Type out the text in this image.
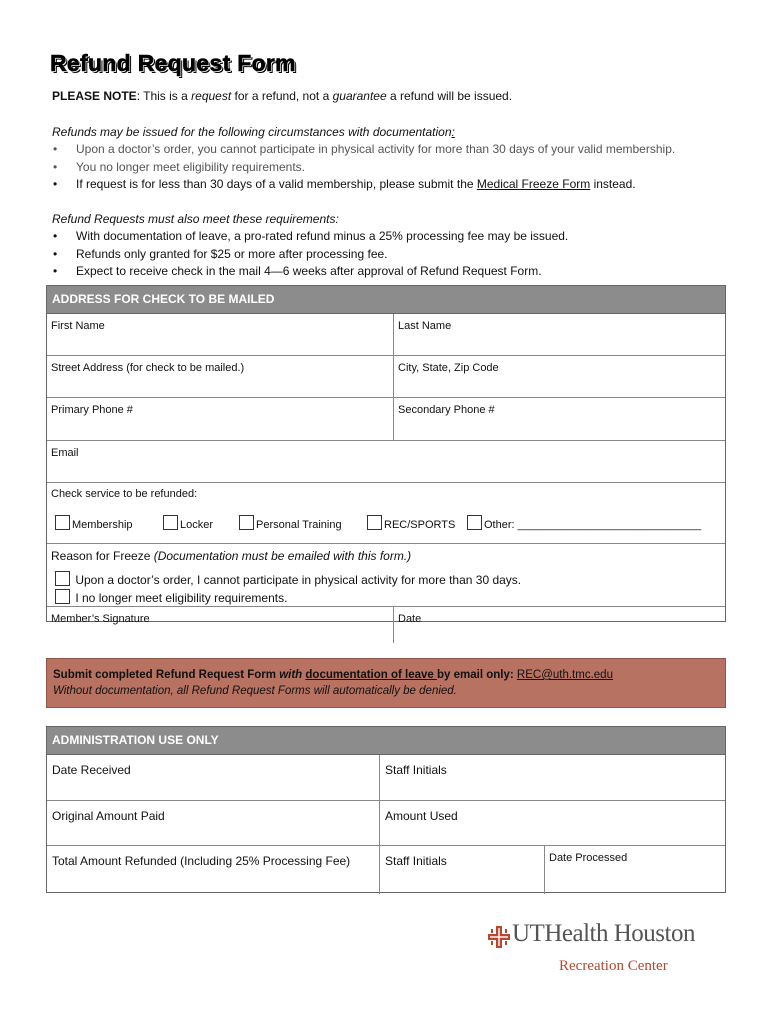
Refund Request Form
PLEASE NOTE: This is a request for a refund, not a guarantee a refund will be issued.
Refunds may be issued for the following circumstances with documentation:
• Upon a doctor’s order, you cannot participate in physical activity for more than 30 days of your valid membership.
• You no longer meet eligibility requirements.
• If request is for less than 30 days of a valid membership, please submit the Medical Freeze Form instead.
Refund Requests must also meet these requirements:
• With documentation of leave, a pro-rated refund minus a 25% processing fee may be issued.
• Refunds only granted for $25 or more after processing fee.
• Expect to receive check in the mail 4—6 weeks after approval of Refund Request Form.
ADDRESS FOR CHECK TO BE MAILED
First Name	Last Name
Street Address (for check to be mailed.)	City, State, Zip Code
Primary Phone #	Secondary Phone #
Email
Check service to be refunded:
Membership	Locker	Personal Training	REC/SPORTS	Other: ______________________________
Reason for Freeze (Documentation must be emailed with this form.)
Upon a doctor’s order, I cannot participate in physical activity for more than 30 days.
I no longer meet eligibility requirements.
Member’s Signature	Date
Submit completed Refund Request Form with documentation of leave by email only: REC@uth.tmc.edu
Without documentation, all Refund Request Forms will automatically be denied.
ADMINISTRATION USE ONLY
Date Received	Staff Initials
Original Amount Paid	Amount Used
Total Amount Refunded (Including 25% Processing Fee)	Staff Initials	Date Processed
UTHealth Houston
Recreation Center
